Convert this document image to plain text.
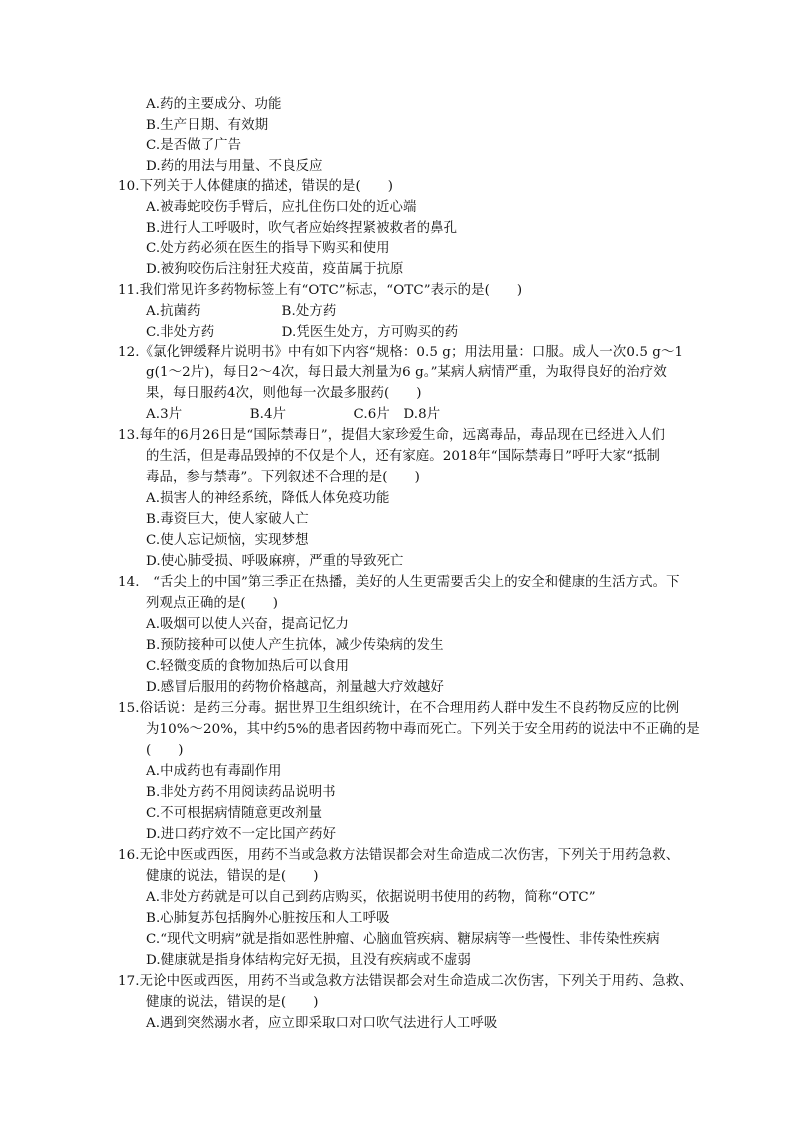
A.药的主要成分、功能
B.生产日期、有效期
C.是否做了广告
D.药的用法与用量、不良反应
10.下列关于人体健康的描述，错误的是(　　)
A.被毒蛇咬伤手臂后，应扎住伤口处的近心端
B.进行人工呼吸时，吹气者应始终捏紧被救者的鼻孔
C.处方药必须在医生的指导下购买和使用
D.被狗咬伤后注射狂犬疫苗，疫苗属于抗原
11.我们常见许多药物标签上有“OTC”标志，“OTC”表示的是(　　)
A.抗菌药　　　　　　B.处方药
C.非处方药　　　　　D.凭医生处方，方可购买的药
12.《氯化钾缓释片说明书》中有如下内容“规格：0.5 g；用法用量：口服。成人一次0.5 g～1
g(1～2片)，每日2～4次，每日最大剂量为6 g。”某病人病情严重，为取得良好的治疗效
果，每日服药4次，则他每一次最多服药(　　)
A.3片　　　　　B.4片　　　　　C.6片　D.8片
13.每年的6月26日是“国际禁毒日”，提倡大家珍爱生命，远离毒品，毒品现在已经进入人们
的生活，但是毒品毁掉的不仅是个人，还有家庭。2018年“国际禁毒日”呼吁大家“抵制
毒品，参与禁毒”。下列叙述不合理的是(　　)
A.损害人的神经系统，降低人体免疫功能
B.毒资巨大，使人家破人亡
C.使人忘记烦恼，实现梦想
D.使心肺受损、呼吸麻痹，严重的导致死亡
14.　“舌尖上的中国”第三季正在热播，美好的人生更需要舌尖上的安全和健康的生活方式。下
列观点正确的是(　　)
A.吸烟可以使人兴奋，提高记忆力
B.预防接种可以使人产生抗体，减少传染病的发生
C.轻微变质的食物加热后可以食用
D.感冒后服用的药物价格越高，剂量越大疗效越好
15.俗话说：是药三分毒。据世界卫生组织统计，在不合理用药人群中发生不良药物反应的比例
为10%～20%，其中约5%的患者因药物中毒而死亡。下列关于安全用药的说法中不正确的是
(　　)
A.中成药也有毒副作用
B.非处方药不用阅读药品说明书
C.不可根据病情随意更改剂量
D.进口药疗效不一定比国产药好
16.无论中医或西医，用药不当或急救方法错误都会对生命造成二次伤害，下列关于用药急救、
健康的说法，错误的是(　　)
A.非处方药就是可以自己到药店购买，依据说明书使用的药物，简称“OTC”
B.心肺复苏包括胸外心脏按压和人工呼吸
C.“现代文明病”就是指如恶性肿瘤、心脑血管疾病、糖尿病等一些慢性、非传染性疾病
D.健康就是指身体结构完好无损，且没有疾病或不虚弱
17.无论中医或西医，用药不当或急救方法错误都会对生命造成二次伤害，下列关于用药、急救、
健康的说法，错误的是(　　)
A.遇到突然溺水者，应立即采取口对口吹气法进行人工呼吸
